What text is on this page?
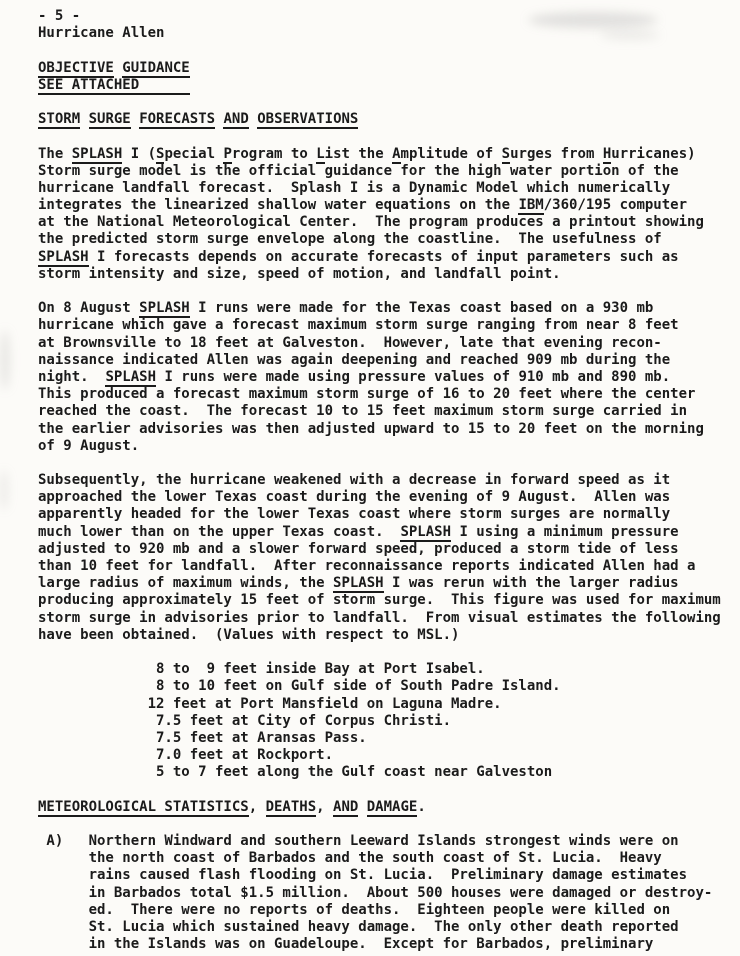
- 5 -
Hurricane Allen
OBJECTIVE GUIDANCE
SEE ATTACHED
STORM SURGE FORECASTS AND OBSERVATIONS
The SPLASH I (Special Program to List the Amplitude of Surges from Hurricanes)
Storm surge model is the official guidance for the high water portion of the
hurricane landfall forecast.  Splash I is a Dynamic Model which numerically
integrates the linearized shallow water equations on the IBM/360/195 computer
at the National Meteorological Center.  The program produces a printout showing
the predicted storm surge envelope along the coastline.  The usefulness of
SPLASH I forecasts depends on accurate forecasts of input parameters such as
storm intensity and size, speed of motion, and landfall point.
On 8 August SPLASH I runs were made for the Texas coast based on a 930 mb
hurricane which gave a forecast maximum storm surge ranging from near 8 feet
at Brownsville to 18 feet at Galveston.  However, late that evening recon-
naissance indicated Allen was again deepening and reached 909 mb during the
night.  SPLASH I runs were made using pressure values of 910 mb and 890 mb.
This produced a forecast maximum storm surge of 16 to 20 feet where the center
reached the coast.  The forecast 10 to 15 feet maximum storm surge carried in
the earlier advisories was then adjusted upward to 15 to 20 feet on the morning
of 9 August.
Subsequently, the hurricane weakened with a decrease in forward speed as it
approached the lower Texas coast during the evening of 9 August.  Allen was
apparently headed for the lower Texas coast where storm surges are normally
much lower than on the upper Texas coast.  SPLASH I using a minimum pressure
adjusted to 920 mb and a slower forward speed, produced a storm tide of less
than 10 feet for landfall.  After reconnaissance reports indicated Allen had a
large radius of maximum winds, the SPLASH I was rerun with the larger radius
producing approximately 15 feet of storm surge.  This figure was used for maximum
storm surge in advisories prior to landfall.  From visual estimates the following
have been obtained.  (Values with respect to MSL.)
8 to  9 feet inside Bay at Port Isabel.
8 to 10 feet on Gulf side of South Padre Island.
12 feet at Port Mansfield on Laguna Madre.
7.5 feet at City of Corpus Christi.
7.5 feet at Aransas Pass.
7.0 feet at Rockport.
5 to 7 feet along the Gulf coast near Galveston
METEOROLOGICAL STATISTICS, DEATHS, AND DAMAGE.
A)   Northern Windward and southern Leeward Islands strongest winds were on
the north coast of Barbados and the south coast of St. Lucia.  Heavy
rains caused flash flooding on St. Lucia.  Preliminary damage estimates
in Barbados total $1.5 million.  About 500 houses were damaged or destroy-
ed.  There were no reports of deaths.  Eighteen people were killed on
St. Lucia which sustained heavy damage.  The only other death reported
in the Islands was on Guadeloupe.  Except for Barbados, preliminary
